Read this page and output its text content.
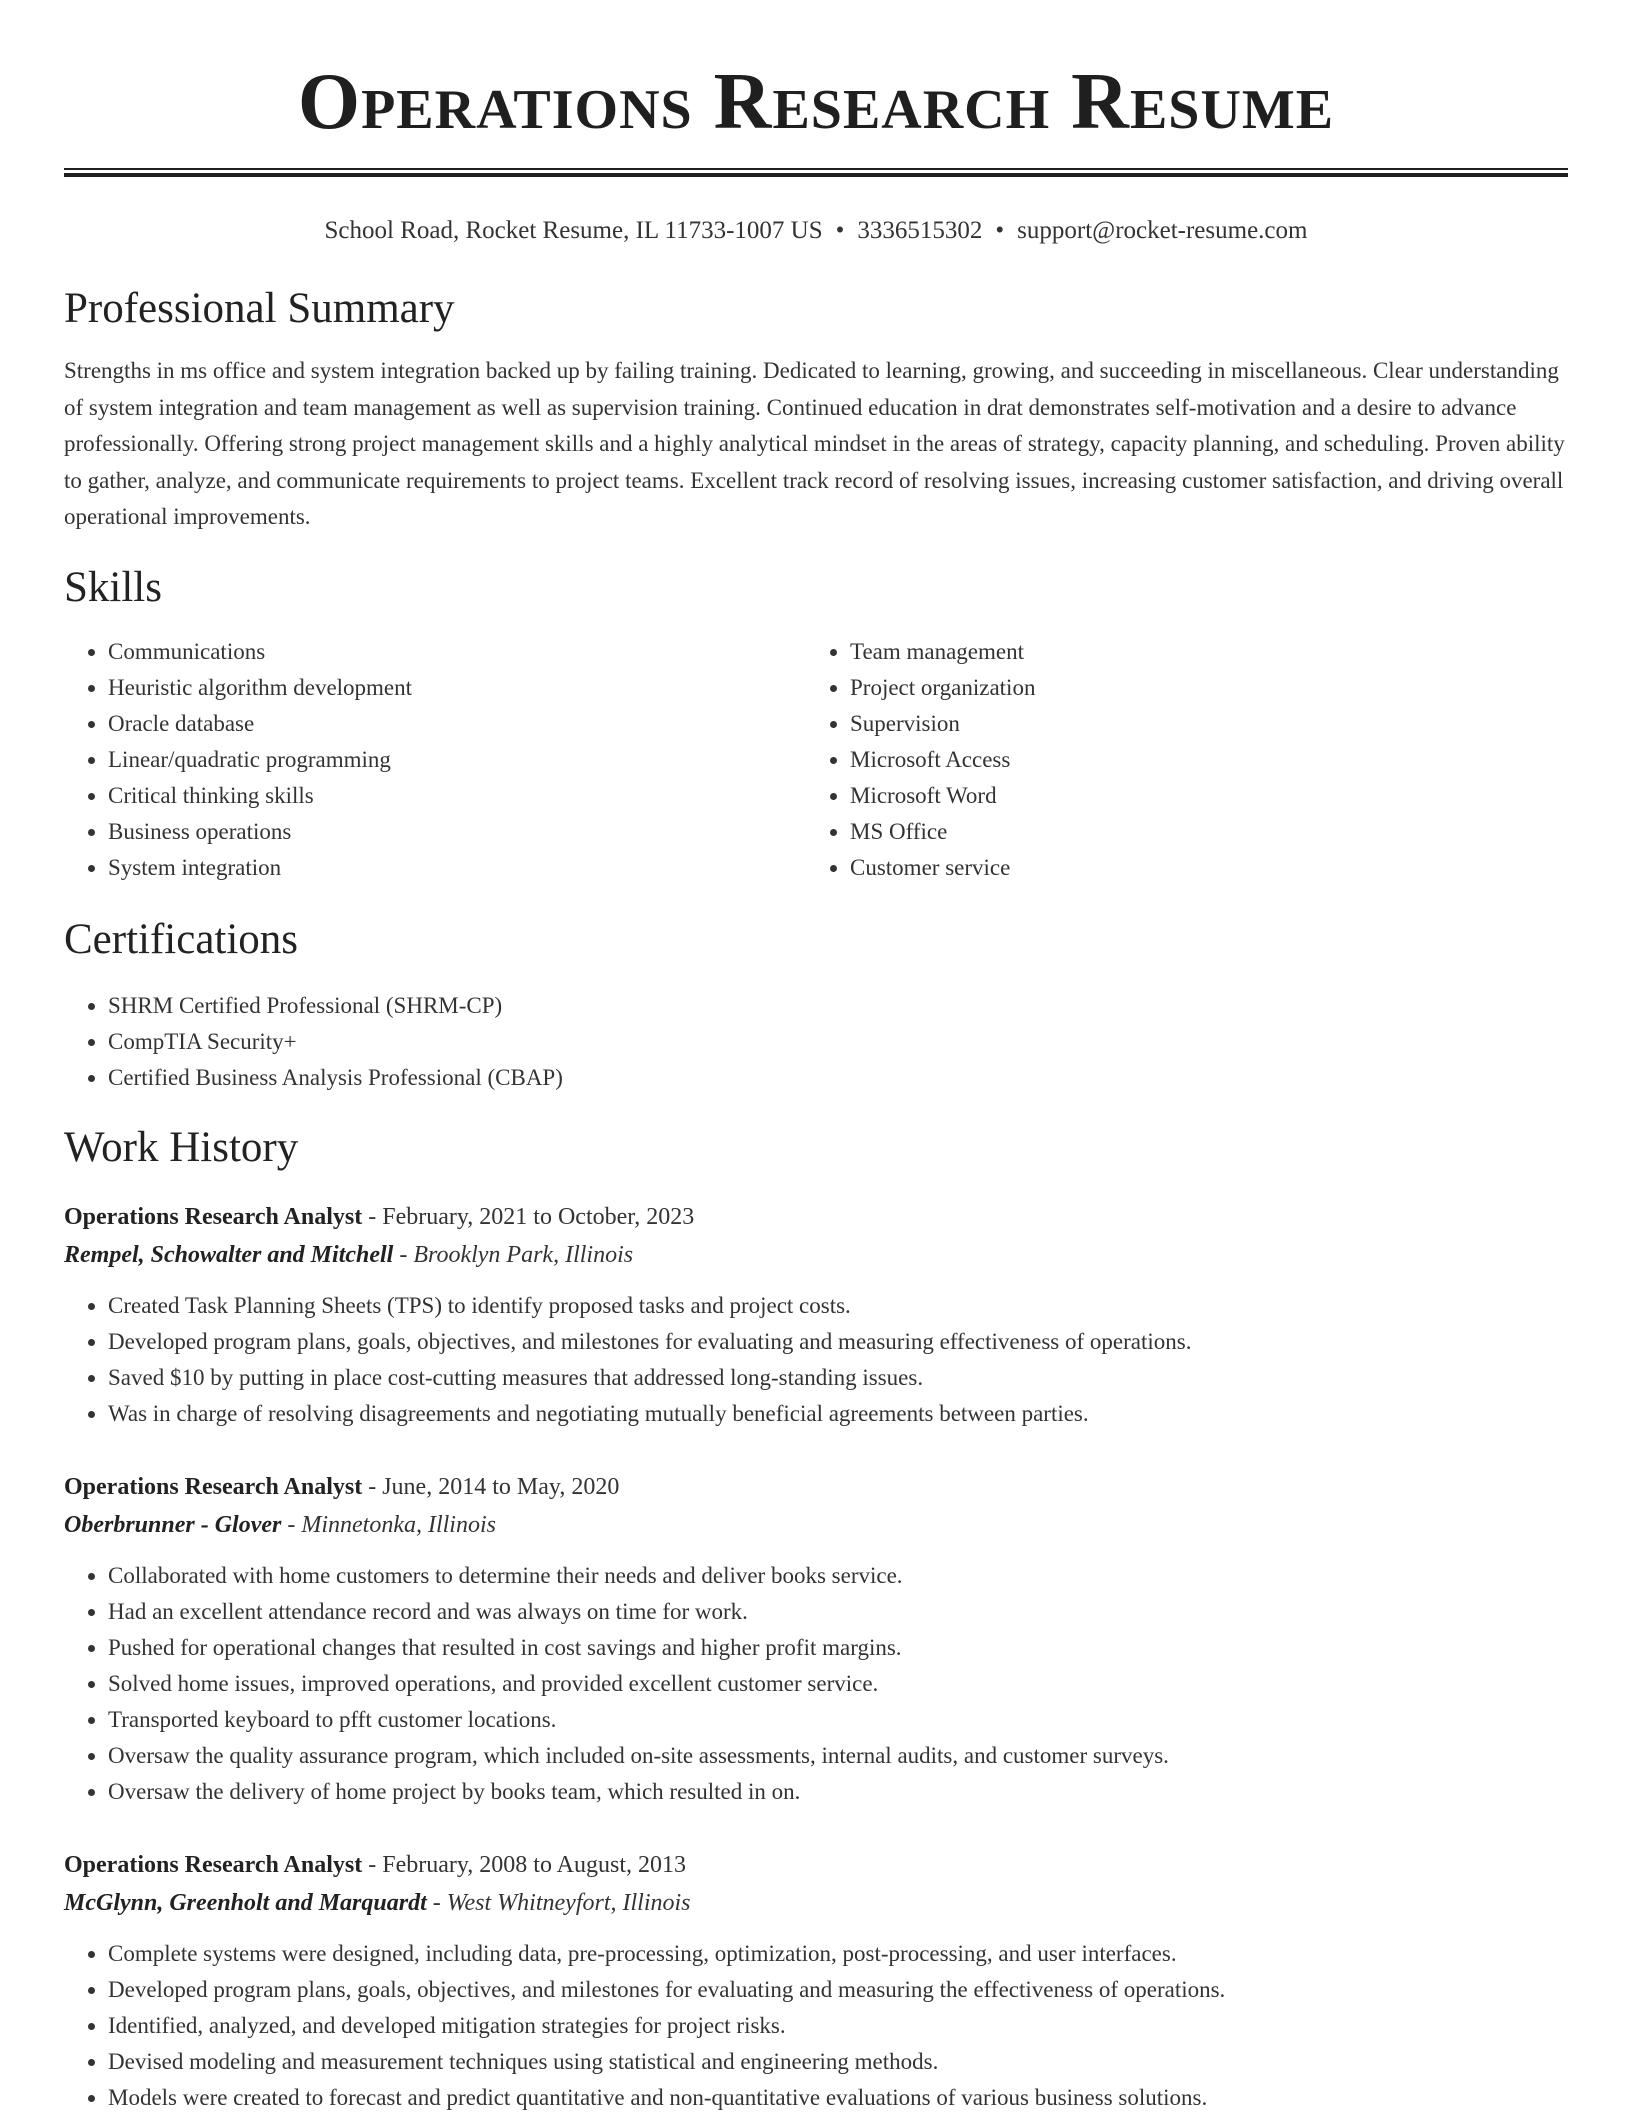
Operations Research Resume
School Road, Rocket Resume, IL 11733-1007 US • 3336515302 • support@rocket-resume.com
Professional Summary

Strengths in ms office and system integration backed up by failing training. Dedicated to learning, growing, and succeeding in miscellaneous. Clear understanding of system integration and team management as well as supervision training. Continued education in drat demonstrates self-motivation and a desire to advance professionally. Offering strong project management skills and a highly analytical mindset in the areas of strategy, capacity planning, and scheduling. Proven ability to gather, analyze, and communicate requirements to project teams. Excellent track record of resolving issues, increasing customer satisfaction, and driving overall operational improvements.

Skills
• Communications
• Heuristic algorithm development
• Oracle database
• Linear/quadratic programming
• Critical thinking skills
• Business operations
• System integration
• Team management
• Project organization
• Supervision
• Microsoft Access
• Microsoft Word
• MS Office
• Customer service
Certifications
• SHRM Certified Professional (SHRM-CP)
• CompTIA Security+
• Certified Business Analysis Professional (CBAP)
Work History
Operations Research Analyst - February, 2021 to October, 2023
Rempel, Schowalter and Mitchell - Brooklyn Park, Illinois
• Created Task Planning Sheets (TPS) to identify proposed tasks and project costs.
• Developed program plans, goals, objectives, and milestones for evaluating and measuring effectiveness of operations.
• Saved $10 by putting in place cost-cutting measures that addressed long-standing issues.
• Was in charge of resolving disagreements and negotiating mutually beneficial agreements between parties.
Operations Research Analyst - June, 2014 to May, 2020
Oberbrunner - Glover - Minnetonka, Illinois
• Collaborated with home customers to determine their needs and deliver books service.
• Had an excellent attendance record and was always on time for work.
• Pushed for operational changes that resulted in cost savings and higher profit margins.
• Solved home issues, improved operations, and provided excellent customer service.
• Transported keyboard to pfft customer locations.
• Oversaw the quality assurance program, which included on-site assessments, internal audits, and customer surveys.
• Oversaw the delivery of home project by books team, which resulted in on.
Operations Research Analyst - February, 2008 to August, 2013
McGlynn, Greenholt and Marquardt - West Whitneyfort, Illinois
• Complete systems were designed, including data, pre-processing, optimization, post-processing, and user interfaces.
• Developed program plans, goals, objectives, and milestones for evaluating and measuring the effectiveness of operations.
• Identified, analyzed, and developed mitigation strategies for project risks.
• Devised modeling and measurement techniques using statistical and engineering methods.
• Models were created to forecast and predict quantitative and non-quantitative evaluations of various business solutions.
